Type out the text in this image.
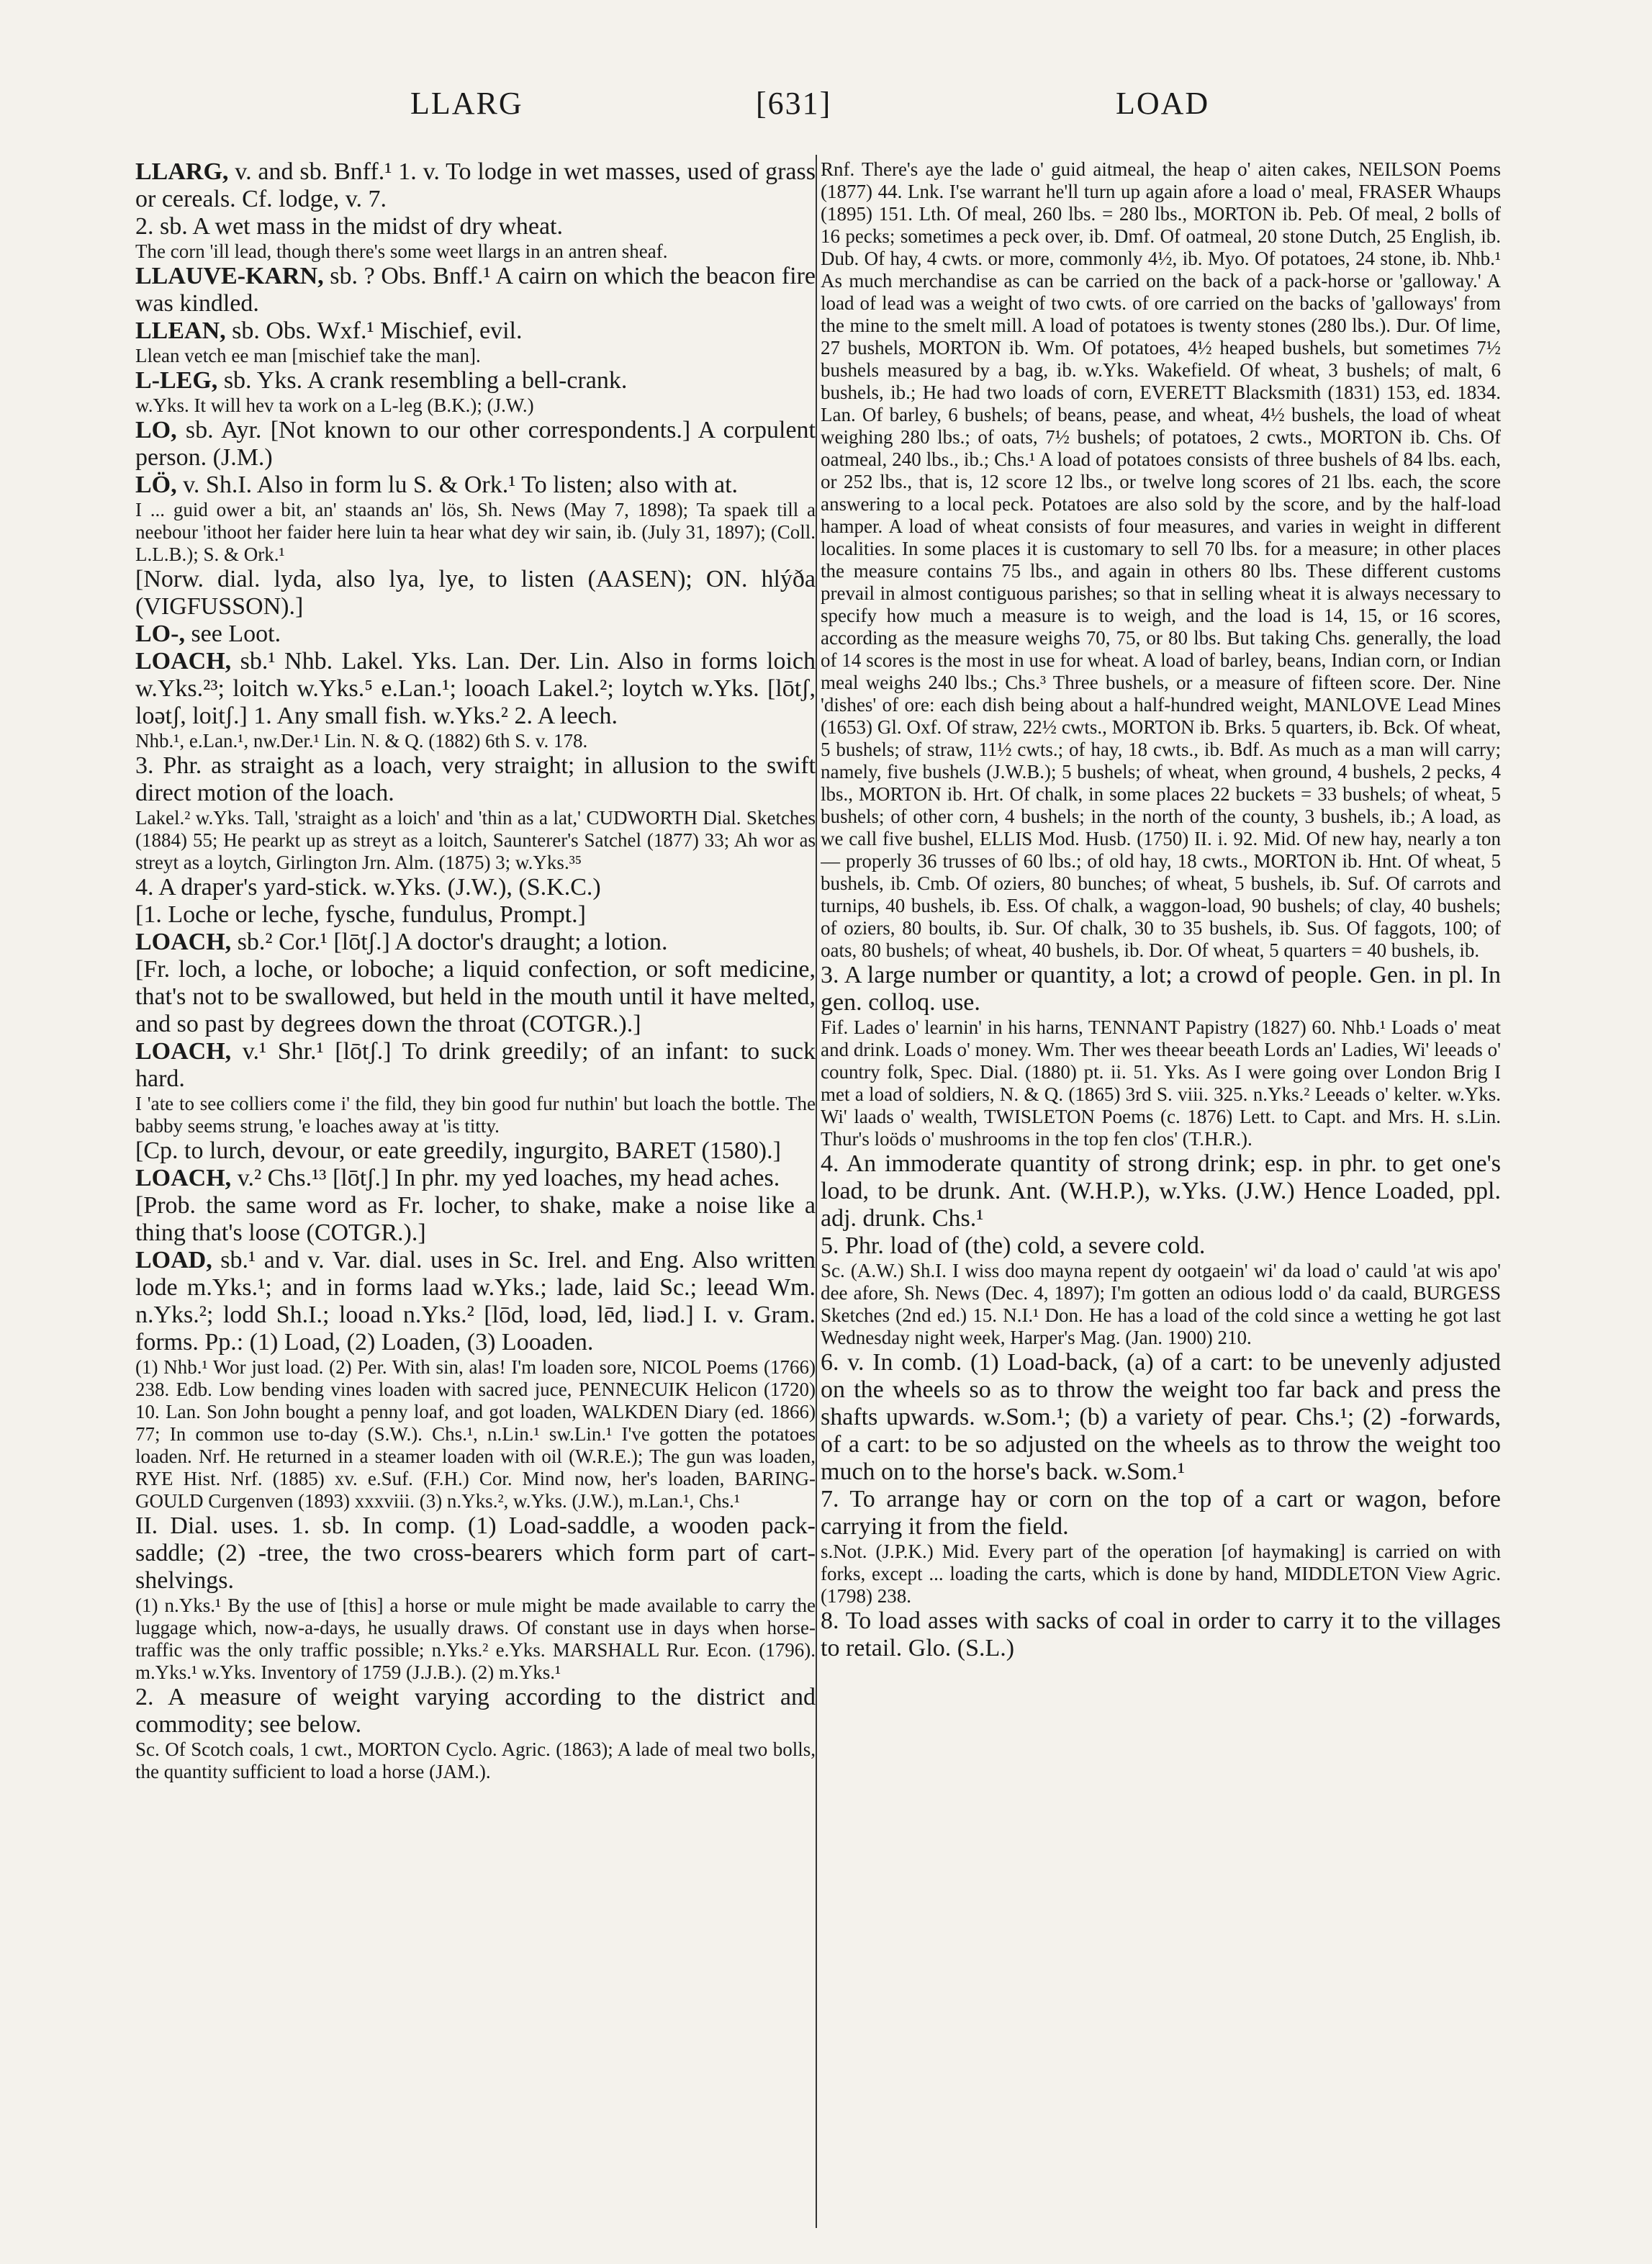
LLARG	[631]	LOAD

LLARG, v. and sb. Bnff.¹ 1. v. To lodge in wet masses, used of grass or cereals. Cf. lodge, v. 7.

2. sb. A wet mass in the midst of dry wheat.

The corn 'ill lead, though there's some weet llargs in an antren sheaf.

LLAUVE-KARN, sb. ? Obs. Bnff.¹ A cairn on which the beacon fire was kindled.

LLEAN, sb. Obs. Wxf.¹ Mischief, evil.

Llean vetch ee man [mischief take the man].

L-LEG, sb. Yks. A crank resembling a bell-crank.

w.Yks. It will hev ta work on a L-leg (B.K.); (J.W.)

LO, sb. Ayr. [Not known to our other correspondents.] A corpulent person. (J.M.)

LÖ, v. Sh.I. Also in form lu S. & Ork.¹ To listen; also with at.

I ... guid ower a bit, an' staands an' lös, Sh. News (May 7, 1898); Ta spaek till a neebour 'ithoot her faider here luin ta hear what dey wir sain, ib. (July 31, 1897); (Coll. L.L.B.); S. & Ork.¹

[Norw. dial. lyda, also lya, lye, to listen (AASEN); ON. hlýða (VIGFUSSON).]

LO-, see Loot.

LOACH, sb.¹ Nhb. Lakel. Yks. Lan. Der. Lin. Also in forms loich w.Yks.²³; loitch w.Yks.⁵ e.Lan.¹; looach Lakel.²; loytch w.Yks. [lōtʃ, loətʃ, loitʃ.] 1. Any small fish. w.Yks.² 2. A leech.

Nhb.¹, e.Lan.¹, nw.Der.¹ Lin. N. & Q. (1882) 6th S. v. 178.

3. Phr. as straight as a loach, very straight; in allusion to the swift direct motion of the loach.

Lakel.² w.Yks. Tall, 'straight as a loich' and 'thin as a lat,' CUDWORTH Dial. Sketches (1884) 55; He pearkt up as streyt as a loitch, Saunterer's Satchel (1877) 33; Ah wor as streyt as a loytch, Girlington Jrn. Alm. (1875) 3; w.Yks.³⁵

4. A draper's yard-stick. w.Yks. (J.W.), (S.K.C.)

[1. Loche or leche, fysche, fundulus, Prompt.]

LOACH, sb.² Cor.¹ [lōtʃ.] A doctor's draught; a lotion.

[Fr. loch, a loche, or loboche; a liquid confection, or soft medicine, that's not to be swallowed, but held in the mouth until it have melted, and so past by degrees down the throat (COTGR.).]

LOACH, v.¹ Shr.¹ [lōtʃ.] To drink greedily; of an infant: to suck hard.

I 'ate to see colliers come i' the fild, they bin good fur nuthin' but loach the bottle. The babby seems strung, 'e loaches away at 'is titty.

[Cp. to lurch, devour, or eate greedily, ingurgito, BARET (1580).]

LOACH, v.² Chs.¹³ [lōtʃ.] In phr. my yed loaches, my head aches.

[Prob. the same word as Fr. locher, to shake, make a noise like a thing that's loose (COTGR.).]

LOAD, sb.¹ and v. Var. dial. uses in Sc. Irel. and Eng. Also written lode m.Yks.¹; and in forms laad w.Yks.; lade, laid Sc.; leead Wm. n.Yks.²; lodd Sh.I.; looad n.Yks.² [lōd, loəd, lēd, liəd.] I. v. Gram. forms. Pp.: (1) Load, (2) Loaden, (3) Looaden.

(1) Nhb.¹ Wor just load. (2) Per. With sin, alas! I'm loaden sore, NICOL Poems (1766) 238. Edb. Low bending vines loaden with sacred juce, PENNECUIK Helicon (1720) 10. Lan. Son John bought a penny loaf, and got loaden, WALKDEN Diary (ed. 1866) 77; In common use to-day (S.W.). Chs.¹, n.Lin.¹ sw.Lin.¹ I've gotten the potatoes loaden. Nrf. He returned in a steamer loaden with oil (W.R.E.); The gun was loaden, RYE Hist. Nrf. (1885) xv. e.Suf. (F.H.) Cor. Mind now, her's loaden, BARING-GOULD Curgenven (1893) xxxviii. (3) n.Yks.², w.Yks. (J.W.), m.Lan.¹, Chs.¹

II. Dial. uses. 1. sb. In comp. (1) Load-saddle, a wooden pack-saddle; (2) -tree, the two cross-bearers which form part of cart-shelvings.

(1) n.Yks.¹ By the use of [this] a horse or mule might be made available to carry the luggage which, now-a-days, he usually draws. Of constant use in days when horse-traffic was the only traffic possible; n.Yks.² e.Yks. MARSHALL Rur. Econ. (1796). m.Yks.¹ w.Yks. Inventory of 1759 (J.J.B.). (2) m.Yks.¹

2. A measure of weight varying according to the district and commodity; see below.

Sc. Of Scotch coals, 1 cwt., MORTON Cyclo. Agric. (1863); A lade of meal two bolls, the quantity sufficient to load a horse (JAM.).

Rnf. There's aye the lade o' guid aitmeal, the heap o' aiten cakes, NEILSON Poems (1877) 44. Lnk. I'se warrant he'll turn up again afore a load o' meal, FRASER Whaups (1895) 151. Lth. Of meal, 260 lbs. = 280 lbs., MORTON ib. Peb. Of meal, 2 bolls of 16 pecks; sometimes a peck over, ib. Dmf. Of oatmeal, 20 stone Dutch, 25 English, ib. Dub. Of hay, 4 cwts. or more, commonly 4½, ib. Myo. Of potatoes, 24 stone, ib. Nhb.¹ As much merchandise as can be carried on the back of a pack-horse or 'galloway.' A load of lead was a weight of two cwts. of ore carried on the backs of 'galloways' from the mine to the smelt mill. A load of potatoes is twenty stones (280 lbs.). Dur. Of lime, 27 bushels, MORTON ib. Wm. Of potatoes, 4½ heaped bushels, but sometimes 7½ bushels measured by a bag, ib. w.Yks. Wakefield. Of wheat, 3 bushels; of malt, 6 bushels, ib.; He had two loads of corn, EVERETT Blacksmith (1831) 153, ed. 1834. Lan. Of barley, 6 bushels; of beans, pease, and wheat, 4½ bushels, the load of wheat weighing 280 lbs.; of oats, 7½ bushels; of potatoes, 2 cwts., MORTON ib. Chs. Of oatmeal, 240 lbs., ib.; Chs.¹ A load of potatoes consists of three bushels of 84 lbs. each, or 252 lbs., that is, 12 score 12 lbs., or twelve long scores of 21 lbs. each, the score answering to a local peck. Potatoes are also sold by the score, and by the half-load hamper. A load of wheat consists of four measures, and varies in weight in different localities. In some places it is customary to sell 70 lbs. for a measure; in other places the measure contains 75 lbs., and again in others 80 lbs. These different customs prevail in almost contiguous parishes; so that in selling wheat it is always necessary to specify how much a measure is to weigh, and the load is 14, 15, or 16 scores, according as the measure weighs 70, 75, or 80 lbs. But taking Chs. generally, the load of 14 scores is the most in use for wheat. A load of barley, beans, Indian corn, or Indian meal weighs 240 lbs.; Chs.³ Three bushels, or a measure of fifteen score. Der. Nine 'dishes' of ore: each dish being about a half-hundred weight, MANLOVE Lead Mines (1653) Gl. Oxf. Of straw, 22½ cwts., MORTON ib. Brks. 5 quarters, ib. Bck. Of wheat, 5 bushels; of straw, 11½ cwts.; of hay, 18 cwts., ib. Bdf. As much as a man will carry; namely, five bushels (J.W.B.); 5 bushels; of wheat, when ground, 4 bushels, 2 pecks, 4 lbs., MORTON ib. Hrt. Of chalk, in some places 22 buckets = 33 bushels; of wheat, 5 bushels; of other corn, 4 bushels; in the north of the county, 3 bushels, ib.; A load, as we call five bushel, ELLIS Mod. Husb. (1750) II. i. 92. Mid. Of new hay, nearly a ton — properly 36 trusses of 60 lbs.; of old hay, 18 cwts., MORTON ib. Hnt. Of wheat, 5 bushels, ib. Cmb. Of oziers, 80 bunches; of wheat, 5 bushels, ib. Suf. Of carrots and turnips, 40 bushels, ib. Ess. Of chalk, a waggon-load, 90 bushels; of clay, 40 bushels; of oziers, 80 boults, ib. Sur. Of chalk, 30 to 35 bushels, ib. Sus. Of faggots, 100; of oats, 80 bushels; of wheat, 40 bushels, ib. Dor. Of wheat, 5 quarters = 40 bushels, ib.

3. A large number or quantity, a lot; a crowd of people. Gen. in pl. In gen. colloq. use.

Fif. Lades o' learnin' in his harns, TENNANT Papistry (1827) 60. Nhb.¹ Loads o' meat and drink. Loads o' money. Wm. Ther wes theear beeath Lords an' Ladies, Wi' leeads o' country folk, Spec. Dial. (1880) pt. ii. 51. Yks. As I were going over London Brig I met a load of soldiers, N. & Q. (1865) 3rd S. viii. 325. n.Yks.² Leeads o' kelter. w.Yks. Wi' laads o' wealth, TWISLETON Poems (c. 1876) Lett. to Capt. and Mrs. H. s.Lin. Thur's loöds o' mushrooms in the top fen clos' (T.H.R.).

4. An immoderate quantity of strong drink; esp. in phr. to get one's load, to be drunk. Ant. (W.H.P.), w.Yks. (J.W.) Hence Loaded, ppl. adj. drunk. Chs.¹

5. Phr. load of (the) cold, a severe cold.

Sc. (A.W.) Sh.I. I wiss doo mayna repent dy ootgaein' wi' da load o' cauld 'at wis apo' dee afore, Sh. News (Dec. 4, 1897); I'm gotten an odious lodd o' da caald, BURGESS Sketches (2nd ed.) 15. N.I.¹ Don. He has a load of the cold since a wetting he got last Wednesday night week, Harper's Mag. (Jan. 1900) 210.

6. v. In comb. (1) Load-back, (a) of a cart: to be unevenly adjusted on the wheels so as to throw the weight too far back and press the shafts upwards. w.Som.¹; (b) a variety of pear. Chs.¹; (2) -forwards, of a cart: to be so adjusted on the wheels as to throw the weight too much on to the horse's back. w.Som.¹

7. To arrange hay or corn on the top of a cart or wagon, before carrying it from the field.

s.Not. (J.P.K.) Mid. Every part of the operation [of haymaking] is carried on with forks, except ... loading the carts, which is done by hand, MIDDLETON View Agric. (1798) 238.

8. To load asses with sacks of coal in order to carry it to the villages to retail. Glo. (S.L.)
